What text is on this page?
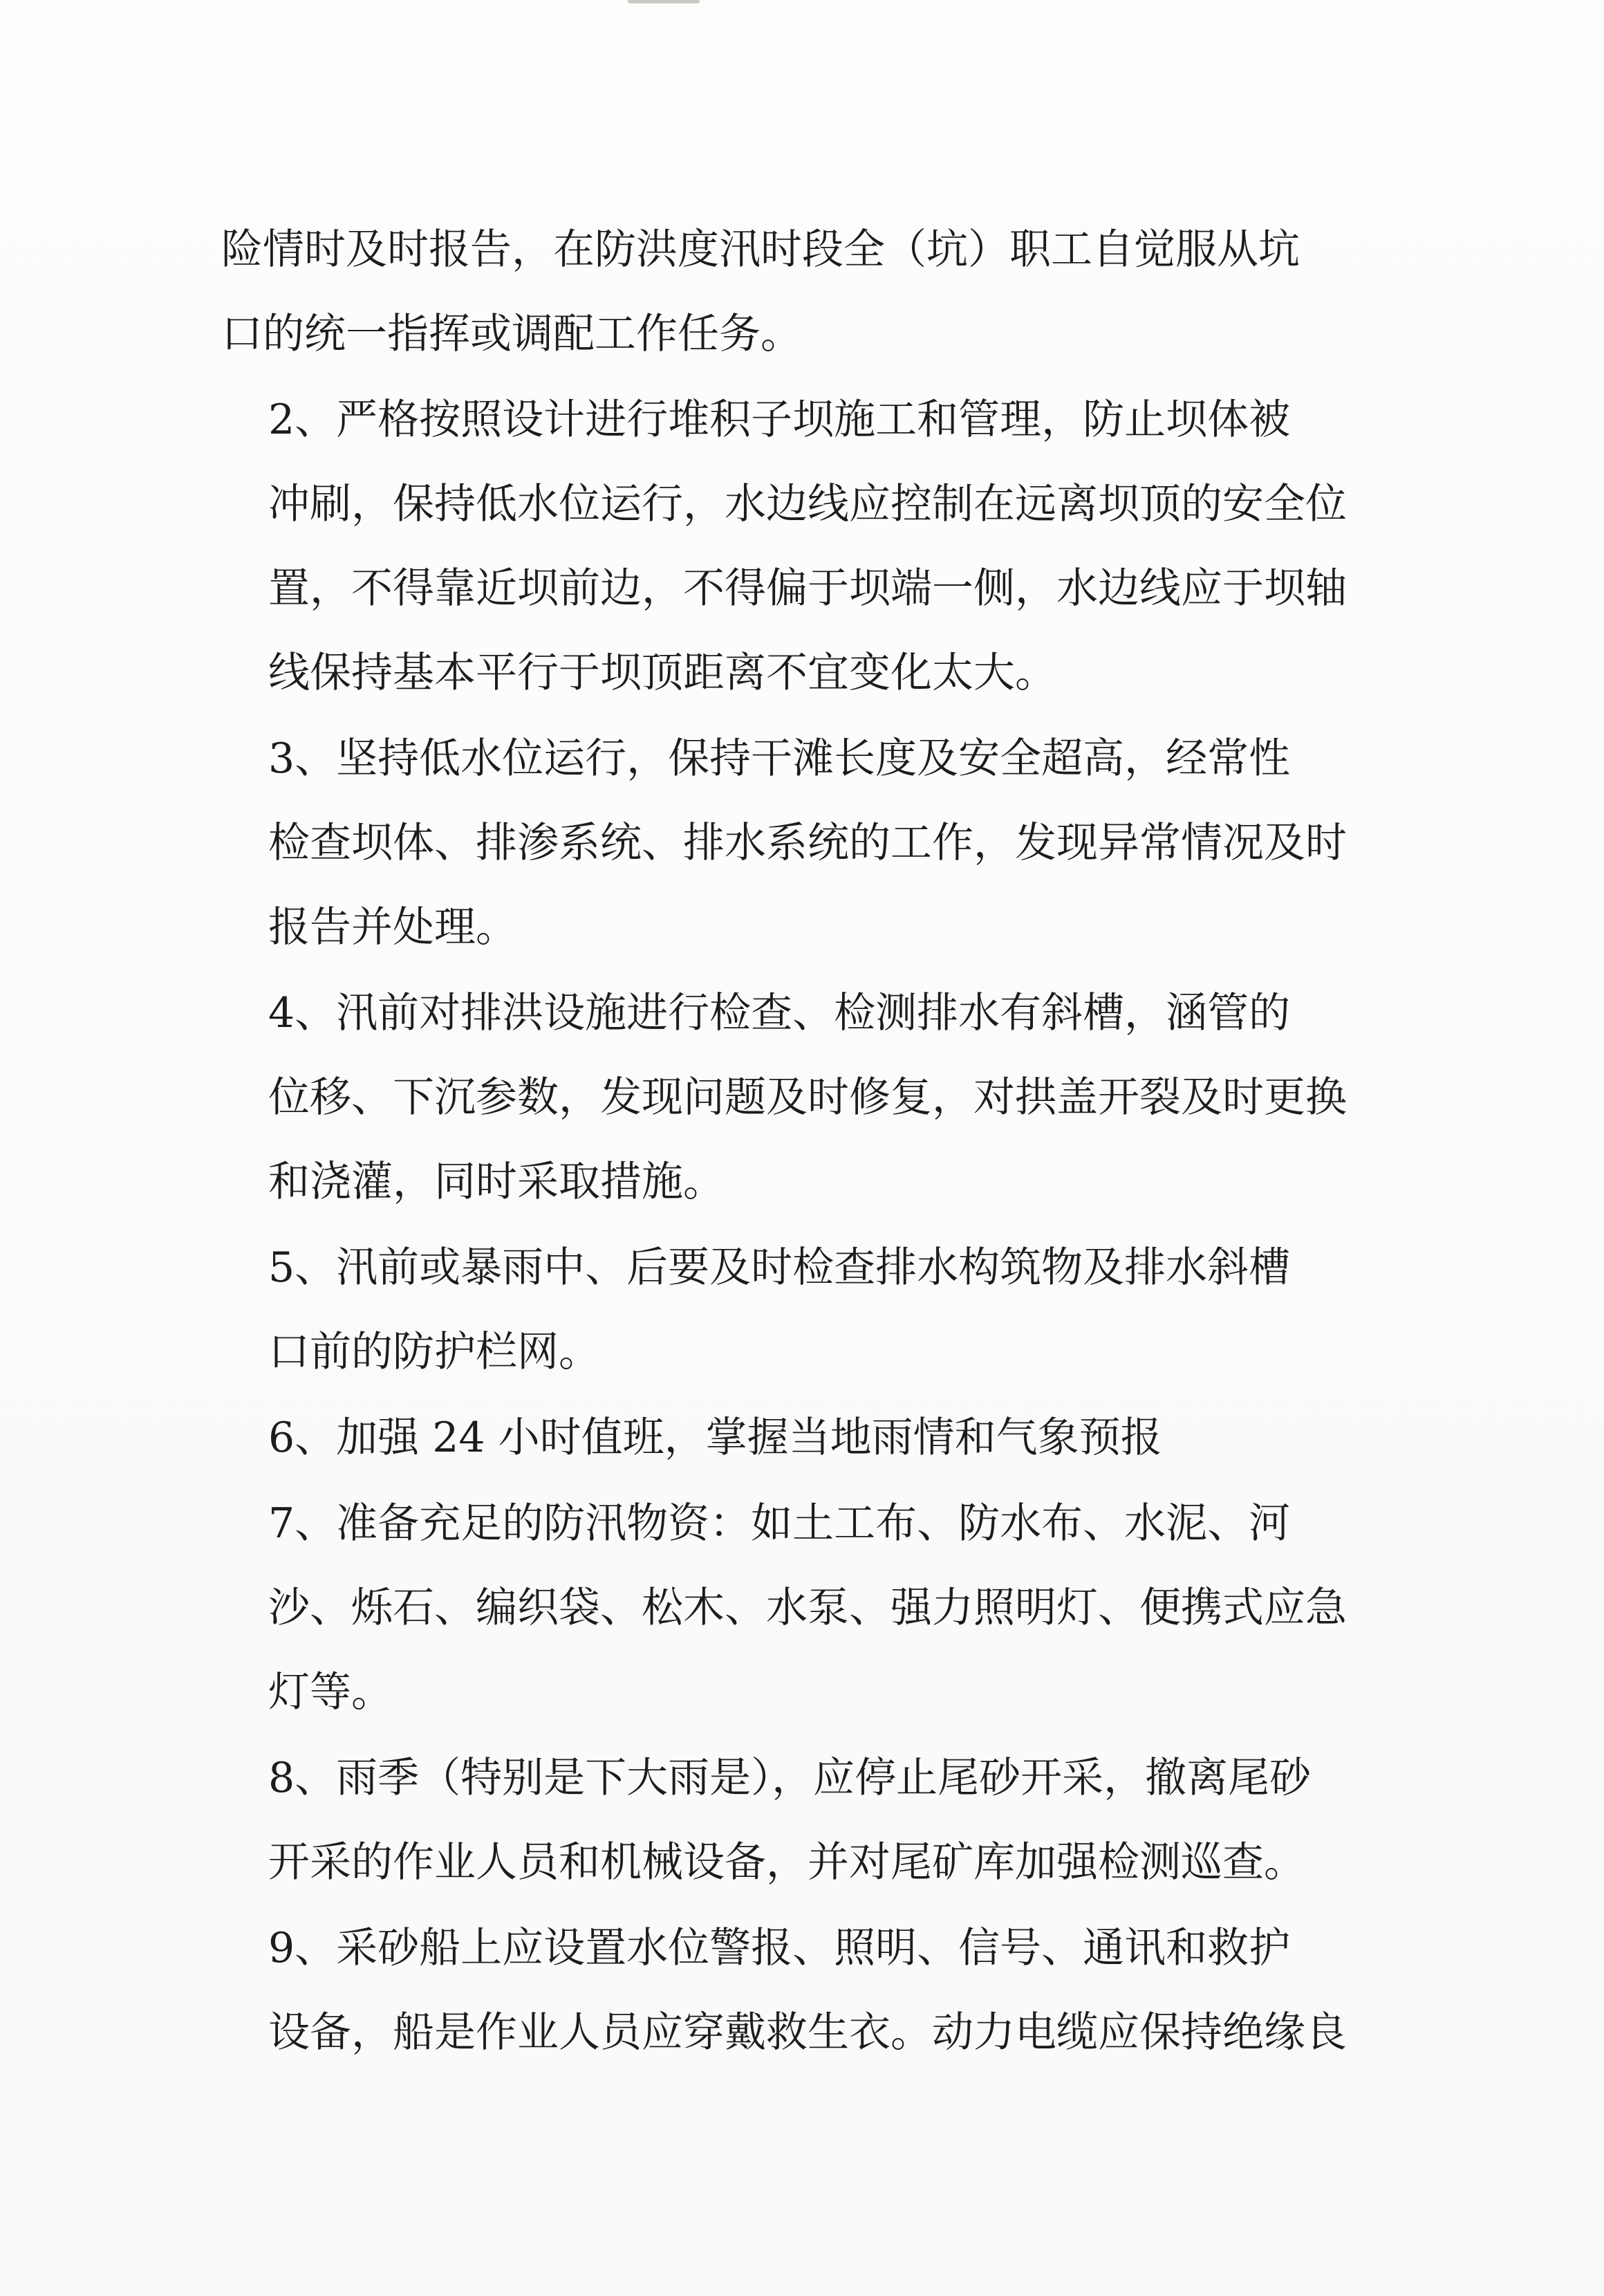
险情时及时报告，在防洪度汛时段全（坑）职工自觉服从坑
口的统一指挥或调配工作任务。

2、严格按照设计进行堆积子坝施工和管理，防止坝体被
冲刷，保持低水位运行，水边线应控制在远离坝顶的安全位
置，不得靠近坝前边，不得偏于坝端一侧，水边线应于坝轴
线保持基本平行于坝顶距离不宜变化太大。

3、坚持低水位运行，保持干滩长度及安全超高，经常性
检查坝体、排渗系统、排水系统的工作，发现异常情况及时
报告并处理。

4、汛前对排洪设施进行检查、检测排水有斜槽，涵管的
位移、下沉参数，发现问题及时修复，对拱盖开裂及时更换
和浇灌，同时采取措施。

5、汛前或暴雨中、后要及时检查排水构筑物及排水斜槽
口前的防护栏网。

6、加强 24 小时值班，掌握当地雨情和气象预报

7、准备充足的防汛物资：如土工布、防水布、水泥、河
沙、烁石、编织袋、松木、水泵、强力照明灯、便携式应急
灯等。

8、雨季（特别是下大雨是），应停止尾砂开采，撤离尾砂
开采的作业人员和机械设备，并对尾矿库加强检测巡查。

9、采砂船上应设置水位警报、照明、信号、通讯和救护
设备，船是作业人员应穿戴救生衣。动力电缆应保持绝缘良
